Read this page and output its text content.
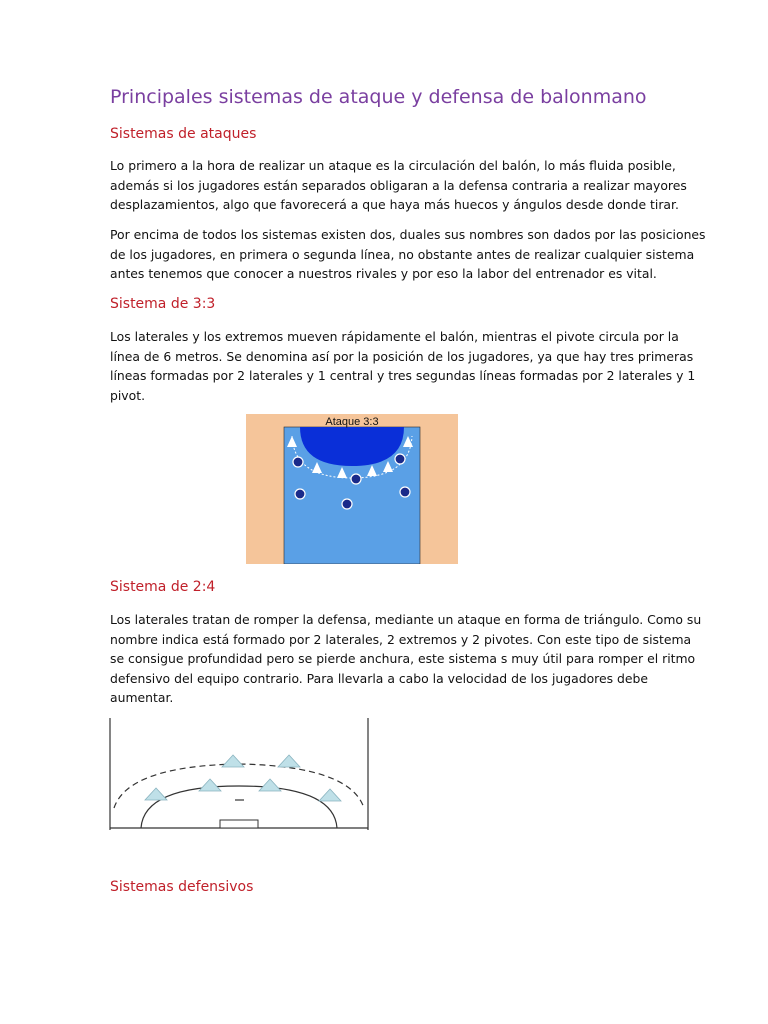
Principales sistemas de ataque y defensa de balonmano
Sistemas de ataques
Lo primero a la hora de realizar un ataque es la circulación del balón, lo más fluida posible,
además si los jugadores están separados obligaran a la defensa contraria a realizar mayores
desplazamientos, algo que favorecerá a que haya más huecos y ángulos desde donde tirar.
Por encima de todos los sistemas existen dos, duales sus nombres son dados por las posiciones
de los jugadores, en primera o segunda línea, no obstante antes de realizar cualquier sistema
antes tenemos que conocer a nuestros rivales y por eso la labor del entrenador es vital.
Sistema de 3:3
Los laterales y los extremos mueven rápidamente el balón, mientras el pivote circula por la
línea de 6 metros. Se denomina así por la posición de los jugadores, ya que hay tres primeras
líneas formadas por 2 laterales y 1 central y tres segundas líneas formadas por 2 laterales y 1
pivot.
Ataque 3:3
Sistema de 2:4
Los laterales tratan de romper la defensa, mediante un ataque en forma de triángulo. Como su
nombre indica está formado por 2 laterales, 2 extremos y 2 pivotes. Con este tipo de sistema
se consigue profundidad pero se pierde anchura, este sistema s muy útil para romper el ritmo
defensivo del equipo contrario. Para llevarla a cabo la velocidad de los jugadores debe
aumentar.
Sistemas defensivos
